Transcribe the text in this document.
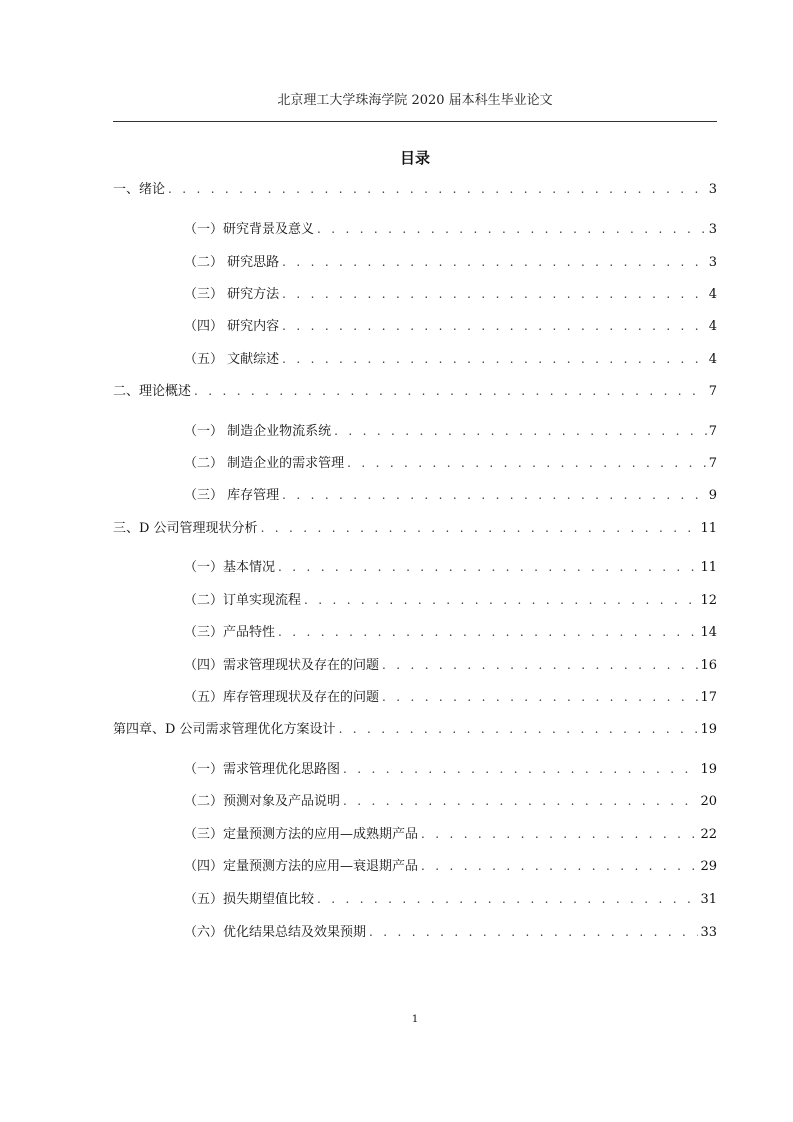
北京理工大学珠海学院 2020 届本科生毕业论文
目录
一、绪论 . . .	3
（一）研究背景及意义 . . .	3
（二） 研究思路 . . .	3
（三） 研究方法 . . .	4
（四） 研究内容 . . .	4
（五） 文献综述 . . .	4
二、理论概述 . . .	7
（一） 制造企业物流系统 . . .	7
（二） 制造企业的需求管理 . . .	7
（三） 库存管理 . . .	9
三、D 公司管理现状分析 . . .	11
（一）基本情况 . . .	11
（二）订单实现流程 . . .	12
（三）产品特性 . . .	14
（四）需求管理现状及存在的问题 . . .	16
（五）库存管理现状及存在的问题 . . .	17
第四章、D 公司需求管理优化方案设计 . . .	19
（一）需求管理优化思路图 . . .	19
（二）预测对象及产品说明 . . .	20
（三）定量预测方法的应用—成熟期产品 . . .	22
（四）定量预测方法的应用—衰退期产品 . . .	29
（五）损失期望值比较 . . .	31
（六）优化结果总结及效果预期 . . .	33
1
